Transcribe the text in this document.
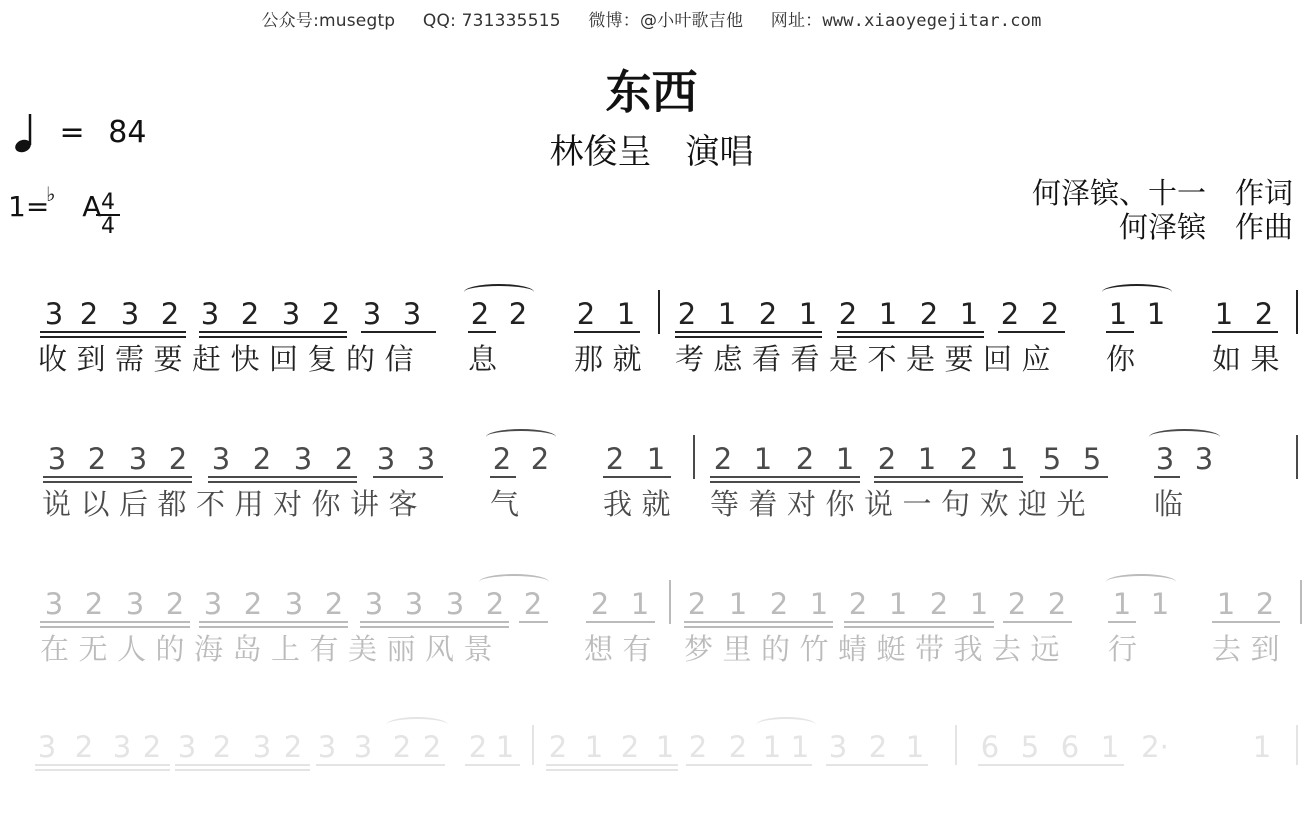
公众号:musegtp QQ: 731335515 微博：@小叶歌吉他 网址：www.xiaoyegejitar.com
东西
林俊呈　演唱
= 84
1=
♭ A 4
4
何泽镔、十一　作词
何泽镔　作曲
3 2 3 2 3 2 3 2 3 3 2 2 2 1 2 1 2 1 2 1 2 1 2 2 1 1 1 2
收到需要赶快回复的信 息 那就 考虑看看是不是要回应 你 如果
3 2 3 2 3 2 3 2 3 3 2 2 2 1 2 1 2 1 2 1 2 1 5 5 3 3
说以后都不用对你讲客 气	我就 等着对你说一句欢迎光 临
3 2 3 2 3 2 3 2 3 3 3 2 2 2 1 2 1 2 1 2 1 2 1 2 2 1 1 1 2
在无人的海岛上有美丽风景	想有 梦里的竹蜻蜓带我去远 行 去到
3 2 3 2 3 2 3 2 3 3 2 2 2 1 2 1 2 1 2 2 1 1 3 2 1 6 5 6 1 2·	1
